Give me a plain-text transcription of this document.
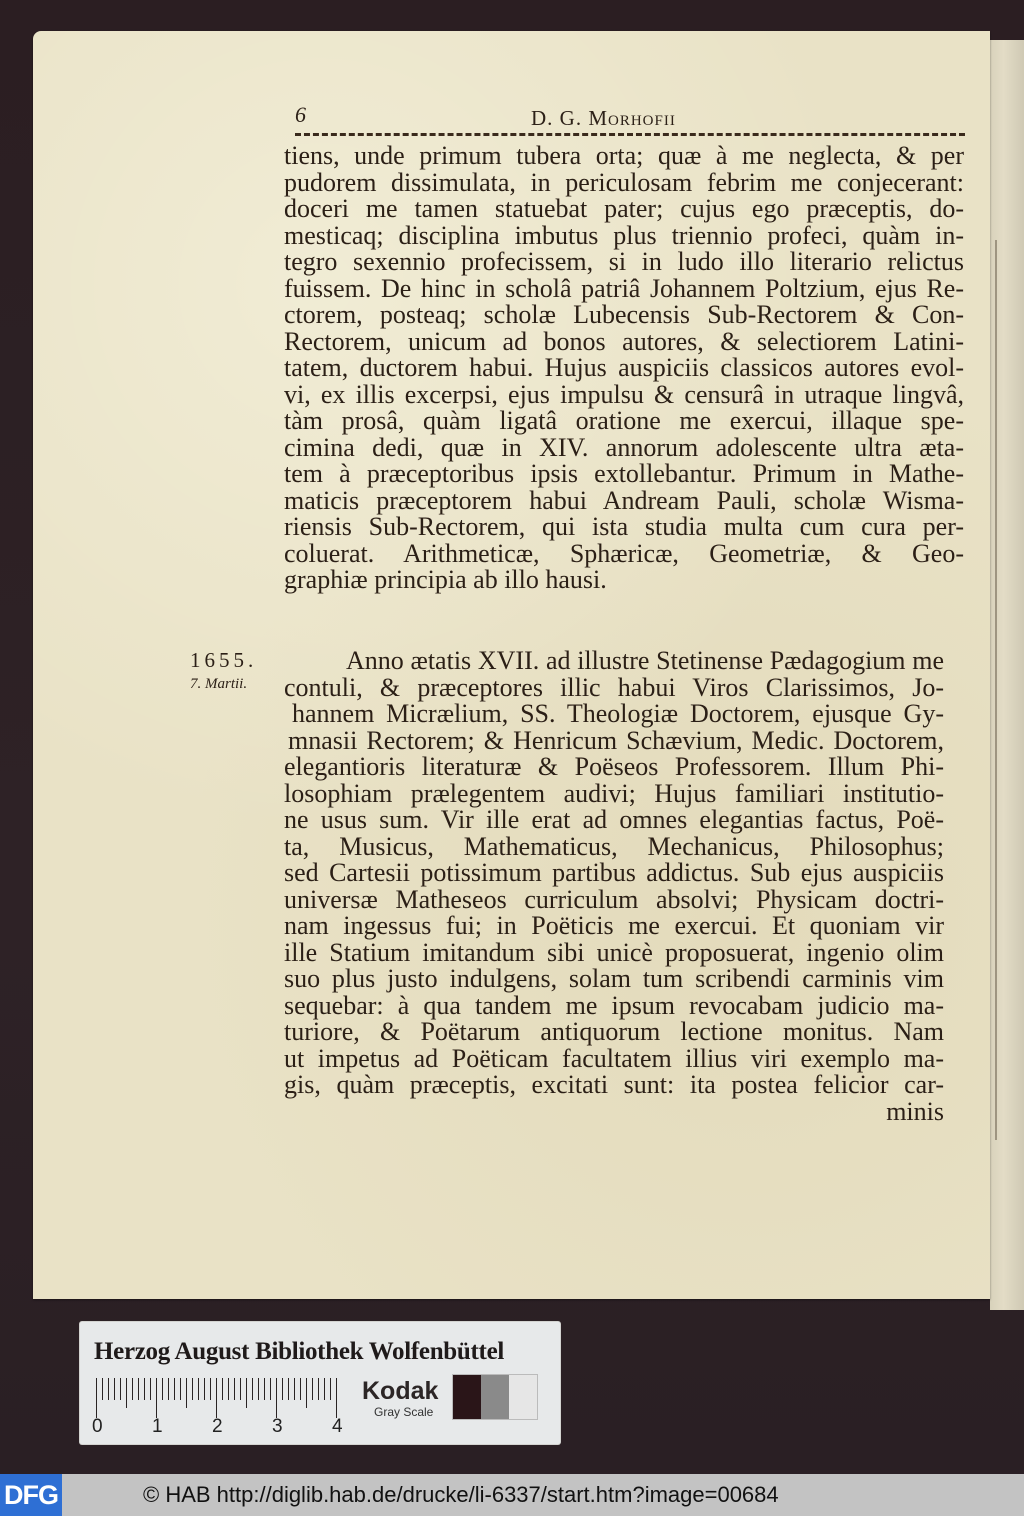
6	D. G. Morhofii
tiens, unde primum tubera orta; quæ à me neglecta, & per
pudorem dissimulata, in periculosam febrim me conjecerant:
doceri me tamen statuebat pater; cujus ego præceptis, do-
mesticaq; disciplina imbutus plus triennio profeci, quàm in-
tegro sexennio profecissem, si in ludo illo literario relictus
fuissem. De hinc in scholâ patriâ Johannem Poltzium, ejus Re-
ctorem, posteaq; scholæ Lubecensis Sub-Rectorem & Con-
Rectorem, unicum ad bonos autores, & selectiorem Latini-
tatem, ductorem habui. Hujus auspiciis classicos autores evol-
vi, ex illis excerpsi, ejus impulsu & censurâ in utraque lingvâ,
tàm prosâ, quàm ligatâ oratione me exercui, illaque spe-
cimina dedi, quæ in XIV. annorum adolescente ultra æta-
tem à præceptoribus ipsis extollebantur. Primum in Mathe-
maticis præceptorem habui Andream Pauli, scholæ Wisma-
riensis Sub-Rectorem, qui ista studia multa cum cura per-
coluerat. Arithmeticæ, Sphæricæ, Geometriæ, & Geo-
graphiæ principia ab illo hausi.
1655.
7. Martii.
Anno ætatis XVII. ad illustre Stetinense Pædagogium me
contuli, & præceptores illic habui Viros Clarissimos, Jo-
hannem Micrælium, SS. Theologiæ Doctorem, ejusque Gy-
mnasii Rectorem; & Henricum Schævium, Medic. Doctorem,
elegantioris literaturæ & Poëseos Professorem. Illum Phi-
losophiam prælegentem audivi; Hujus familiari institutio-
ne usus sum. Vir ille erat ad omnes elegantias factus, Poë-
ta, Musicus, Mathematicus, Mechanicus, Philosophus;
sed Cartesii potissimum partibus addictus. Sub ejus auspiciis
universæ Matheseos curriculum absolvi; Physicam doctri-
nam ingessus fui; in Poëticis me exercui. Et quoniam vir
ille Statium imitandum sibi unicè proposuerat, ingenio olim
suo plus justo indulgens, solam tum scribendi carminis vim
sequebar: à qua tandem me ipsum revocabam judicio ma-
turiore, & Poëtarum antiquorum lectione monitus. Nam
ut impetus ad Poëticam facultatem illius viri exemplo ma-
gis, quàm præceptis, excitati sunt: ita postea felicior car-
minis
Herzog August Bibliothek Wolfenbüttel
0	1	2	3	4
Kodak
Gray Scale
DFG	© HAB http://diglib.hab.de/drucke/li-6337/start.htm?image=00684
